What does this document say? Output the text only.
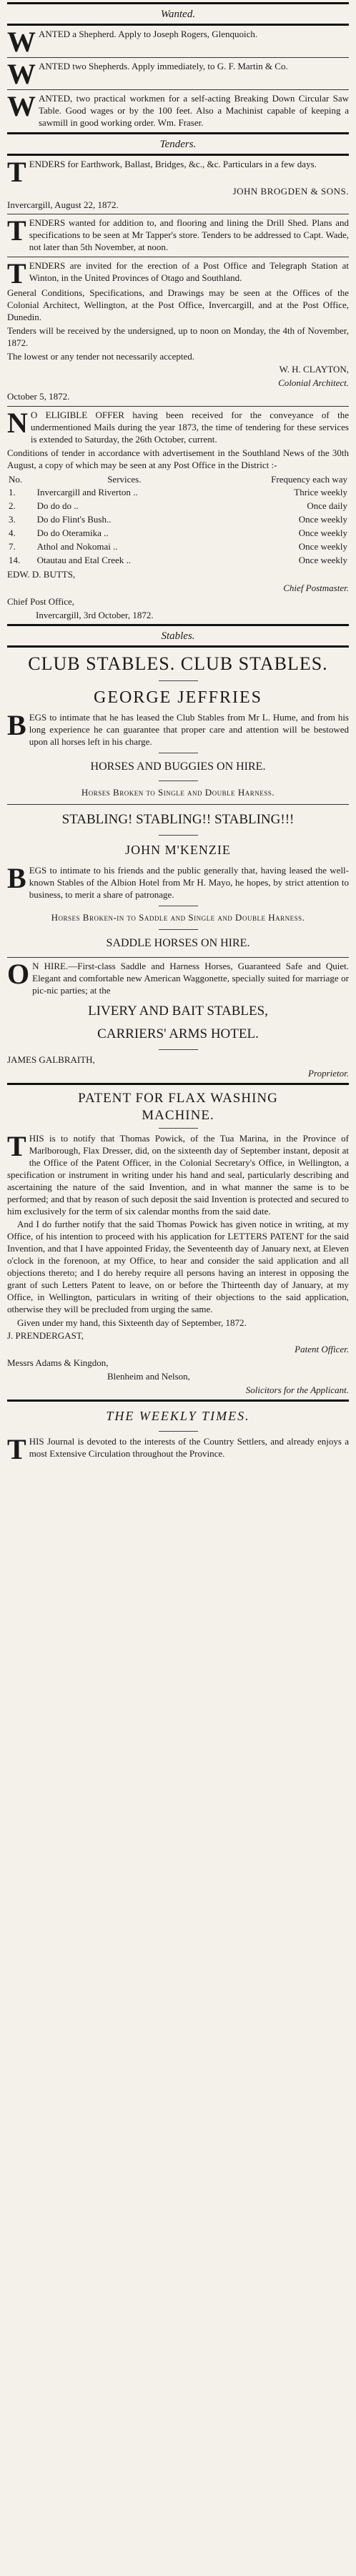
Wanted.
W ANTED a Shepherd. Apply to Joseph Rogers, Glenquoich.
W ANTED two Shepherds. Apply immediately, to G. F. Martin & Co.
W ANTED, two practical workmen for a self-acting Breaking Down Circular Saw Table. Good wages or by the 100 feet. Also a Machinist capable of keeping a sawmill in good working order. Wm. Fraser.
Tenders.
T ENDERS for Earthwork, Ballast, Bridges, &c., &c. Particulars in a few days.

JOHN BROGDEN & SONS.

Invercargill, August 22, 1872.

T ENDERS wanted for addition to, and flooring and lining the Drill Shed. Plans and specifications to be seen at Mr Tapper's store. Tenders to be addressed to Capt. Wade, not later than 5th November, at noon.
T ENDERS are invited for the erection of a Post Office and Telegraph Station at Winton, in the United Provinces of Otago and Southland.

General Conditions, Specifications, and Drawings may be seen at the Offices of the Colonial Architect, Wellington, at the Post Office, Invercargill, and at the Post Office, Dunedin.

Tenders will be received by the undersigned, up to noon on Monday, the 4th of November, 1872.

The lowest or any tender not necessarily accepted.

W. H. CLAYTON,

Colonial Architect.

October 5, 1872.

N O ELIGIBLE OFFER having been received for the conveyance of the undermentioned Mails during the year 1873, the time of tendering for these services is extended to Saturday, the 26th October, current.

Conditions of tender in accordance with advertisement in the Southland News of the 30th August, a copy of which may be seen at any Post Office in the District :-

No.	Services.	Frequency each way
1.	Invercargill and Riverton ..	Thrice weekly
2.	Do do do ..	Once daily
3.	Do do Flint's Bush..	Once weekly
4.	Do do Oteramika ..	Once weekly
7.	Athol and Nokomai ..	Once weekly
14.	Otautau and Etal Creek ..	Once weekly

EDW. D. BUTTS,

Chief Postmaster.

Chief Post Office,

Invercargill, 3rd October, 1872.

Stables.
CLUB STABLES. CLUB STABLES.
GEORGE JEFFRIES
B EGS to intimate that he has leased the Club Stables from Mr L. Hume, and from his long experience he can guarantee that proper care and attention will be bestowed upon all horses left in his charge.
HORSES AND BUGGIES ON HIRE.
Horses Broken to Single and Double Harness.
STABLING! STABLING!! STABLING!!!
JOHN M'KENZIE
B EGS to intimate to his friends and the public generally that, having leased the well-known Stables of the Albion Hotel from Mr H. Mayo, he hopes, by strict attention to business, to merit a share of patronage.
Horses Broken-in to Saddle and Single and Double Harness.
SADDLE HORSES ON HIRE.
O N HIRE.—First-class Saddle and Harness Horses, Guaranteed Safe and Quiet. Elegant and comfortable new American Waggonette, specially suited for marriage or pic-nic parties; at the
LIVERY AND BAIT STABLES,
CARRIERS' ARMS HOTEL.

JAMES GALBRAITH,

Proprietor.

PATENT FOR FLAX WASHING
MACHINE.
T HIS is to notify that Thomas Powick, of the Tua Marina, in the Province of Marlborough, Flax Dresser, did, on the sixteenth day of September instant, deposit at the Office of the Patent Officer, in the Colonial Secretary's Office, in Wellington, a specification or instrument in writing under his hand and seal, particularly describing and ascertaining the nature of the said Invention, and in what manner the same is to be performed; and that by reason of such deposit the said Invention is protected and secured to him exclusively for the term of six calendar months from the said date.

And I do further notify that the said Thomas Powick has given notice in writing, at my Office, of his intention to proceed with his application for LETTERS PATENT for the said Invention, and that I have appointed Friday, the Seventeenth day of January next, at Eleven o'clock in the forenoon, at my Office, to hear and consider the said application and all objections thereto; and I do hereby require all persons having an interest in opposing the grant of such Letters Patent to leave, on or before the Thirteenth day of January, at my Office, in Wellington, particulars in writing of their objections to the said application, otherwise they will be precluded from urging the same.

Given under my hand, this Sixteenth day of September, 1872.

J. PRENDERGAST,

Patent Officer.

Messrs Adams & Kingdon,

Blenheim and Nelson,

Solicitors for the Applicant.

THE WEEKLY TIMES.
T HIS Journal is devoted to the interests of the Country Settlers, and already enjoys a most Extensive Circulation throughout the Province.
